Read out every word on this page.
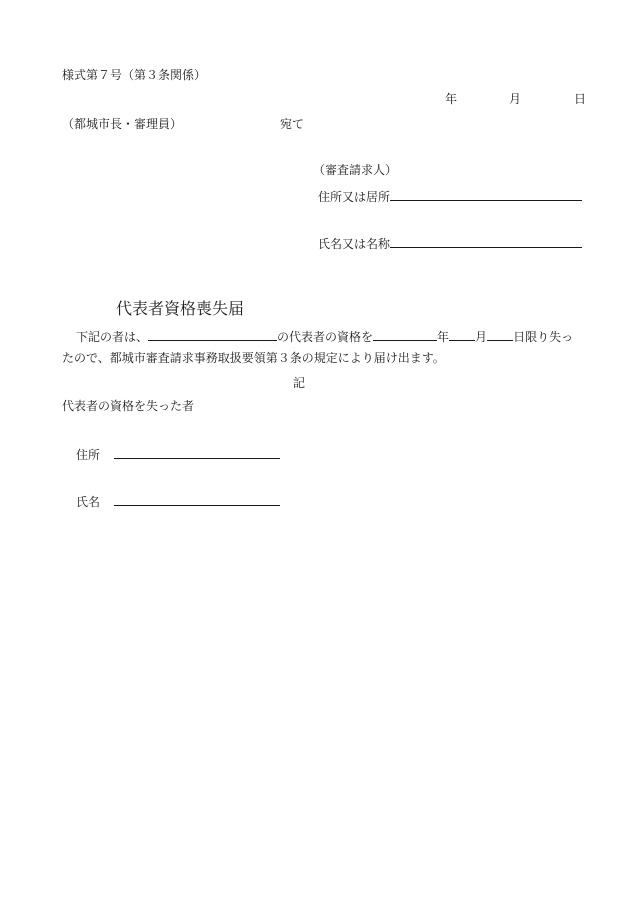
様式第７号（第３条関係）
年	月	日
（都城市長・審理員）	宛て
（審査請求人）
住所又は居所
氏名又は名称
代表者資格喪失届
下記の者は、	の代表者の資格を	年 月 日限り失っ
たので、都城市審査請求事務取扱要領第３条の規定により届け出ます。
記
代表者の資格を失った者
住所
氏名
